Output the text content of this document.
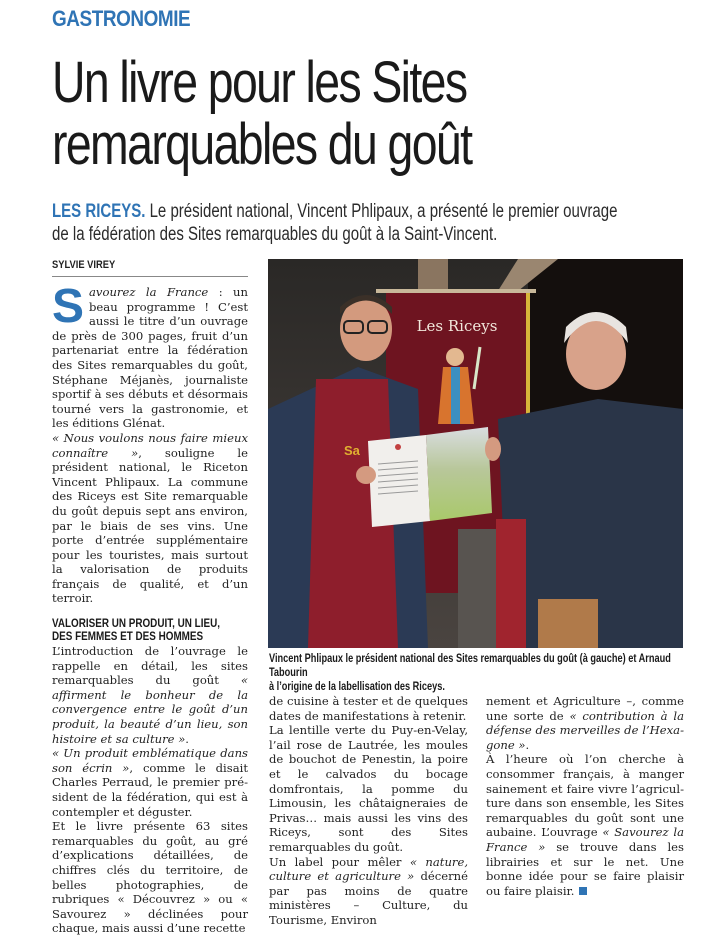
GASTRONOMIE
Un livre pour les Sites
remarquables du goût
LES RICEYS. Le président national, Vincent Phlipaux, a présenté le premier ouvrage
de la fédération des Sites remarquables du goût à la Saint-Vincent.
SYLVIE VIREY

Savourez la France : un beau programme ! C’est aussi le titre d’un ouvrage de près de 300 pages, fruit d’un partenariat entre la fédération des Sites remarquables du goût, Stéphane Méjanès, journaliste sportif à ses débuts et désormais tourné vers la gastronomie, et les éditions Glénat.

« Nous voulons nous faire mieux connaître », souligne le président national, le Riceton Vincent Phlipaux. La commune des Riceys est Site remarquable du goût depuis sept ans environ, par le biais de ses vins. Une porte d’entrée supplémentaire pour les touristes, mais surtout la valorisation de produits français de qualité, et d’un terroir.

VALORISER UN PRODUIT, UN LIEU,
DES FEMMES ET DES HOMMES

L’introduction de l’ouvrage le rappelle en détail, les sites remarquables du goût « affirment le bonheur de la convergence entre le goût d’un produit, la beauté d’un lieu, son histoire et sa culture ».

« Un produit emblématique dans son écrin », comme le disait Charles Perraud, le premier président de la fédération, qui est à contempler et déguster.

Et le livre présente 63 sites remarquables du goût, au gré d’explications détaillées, de chiffres clés du territoire, de belles photographies, de rubriques « Découvrez » ou « Savourez » déclinées pour chaque, mais aussi d’une recette

Les Riceys
Sa
Vincent Phlipaux le président national des Sites remarquables du goût (à gauche) et Arnaud Tabourin
à l’origine de la labellisation des Riceys.

de cuisine à tester et de quelques dates de manifestations à retenir.

La lentille verte du Puy-en-Velay, l’ail rose de Lautrée, les moules de bouchot de Penestin, la poire et le calvados du bocage domfrontais, la pomme du Limousin, les châtaigneraies de Privas… mais aussi les vins des Riceys, sont des Sites remarquables du goût.

Un label pour mêler « nature, culture et agriculture » décerné par pas moins de quatre ministères – Culture, du Tourisme, Environ

nement et Agriculture –, comme une sorte de « contribution à la défense des merveilles de l’Hexagone ».

À l’heure où l’on cherche à consommer français, à manger sainement et faire vivre l’agriculture dans son ensemble, les Sites remarquables du goût sont une aubaine. L’ouvrage « Savourez la France » se trouve dans les librairies et sur le net. Une bonne idée pour se faire plaisir ou faire plaisir.
